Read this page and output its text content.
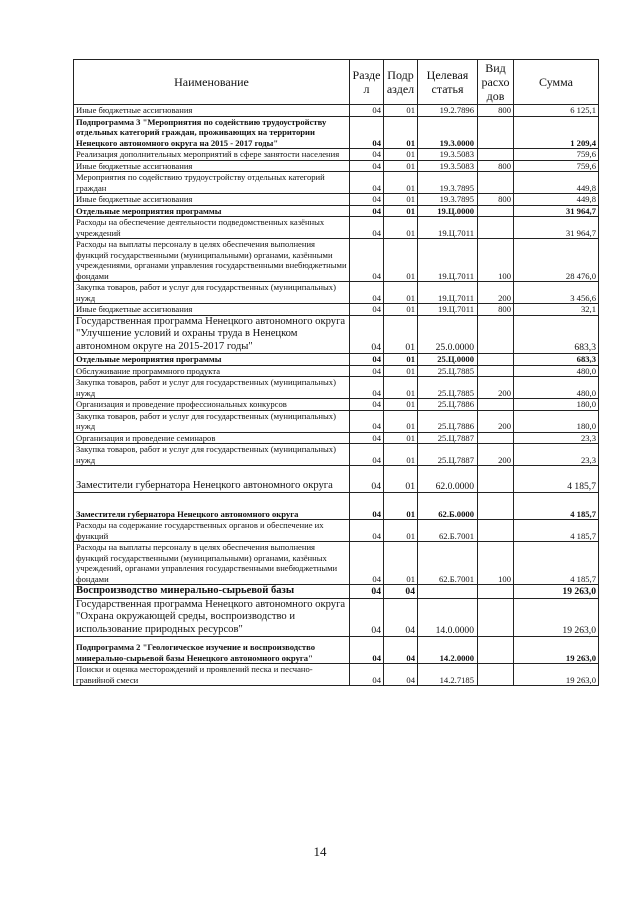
Наименование	Разде л	Подр аздел	Целевая статья	Вид расхо дов	Сумма
Иные бюджетные ассигнования	04	01	19.2.7896	800	6 125,1
Подпрограмма 3 "Мероприятия по содействию трудоустройству отдельных категорий граждан, проживающих на территории Ненецкого автономного округа на 2015 - 2017 годы"	04	01	19.3.0000		1 209,4
Реализация дополнительных мероприятий в сфере занятости населения	04	01	19.3.5083		759,6
Иные бюджетные ассигнования	04	01	19.3.5083	800	759,6
Мероприятия по содействию трудоустройству отдельных категорий граждан	04	01	19.3.7895		449,8
Иные бюджетные ассигнования	04	01	19.3.7895	800	449,8
Отдельные мероприятия программы	04	01	19.Ц.0000		31 964,7
Расходы на обеспечение деятельности подведомственных казённых учреждений	04	01	19.Ц.7011		31 964,7
Расходы на выплаты персоналу в целях обеспечения выполнения функций государственными (муниципальными) органами, казёнными учреждениями, органами управления государственными внебюджетными фондами	04	01	19.Ц.7011	100	28 476,0
Закупка товаров, работ и услуг для государственных (муниципальных) нужд	04	01	19.Ц.7011	200	3 456,6
Иные бюджетные ассигнования	04	01	19.Ц.7011	800	32,1
Государственная программа Ненецкого автономного округа "Улучшение условий и охраны труда в Ненецком автономном округе на 2015-2017 годы"	04	01	25.0.0000		683,3
Отдельные мероприятия программы	04	01	25.Ц.0000		683,3
Обслуживание программного продукта	04	01	25.Ц.7885		480,0
Закупка товаров, работ и услуг для государственных (муниципальных) нужд	04	01	25.Ц.7885	200	480,0
Организация и проведение профессиональных конкурсов	04	01	25.Ц.7886		180,0
Закупка товаров, работ и услуг для государственных (муниципальных) нужд	04	01	25.Ц.7886	200	180,0
Организация и проведение семинаров	04	01	25.Ц.7887		23,3
Закупка товаров, работ и услуг для государственных (муниципальных) нужд	04	01	25.Ц.7887	200	23,3
Заместители губернатора Ненецкого автономного округа	04	01	62.0.0000		4 185,7
Заместители губернатора Ненецкого автономного округа	04	01	62.Б.0000		4 185,7
Расходы на содержание государственных органов и обеспечение их функций	04	01	62.Б.7001		4 185,7
Расходы на выплаты персоналу в целях обеспечения выполнения функций государственными (муниципальными) органами, казённых учреждений, органами управления государственными внебюджетными фондами	04	01	62.Б.7001	100	4 185,7
Воспроизводство минерально-сырьевой базы	04	04			19 263,0
Государственная программа Ненецкого автономного округа "Охрана окружающей среды, воспроизводство и использование природных ресурсов"	04	04	14.0.0000		19 263,0
Подпрограмма 2 "Геологическое изучение и воспроизводство минерально-сырьевой базы Ненецкого автономного округа"	04	04	14.2.0000		19 263,0
Поиски и оценка месторождений и проявлений песка и песчано-гравийной смеси	04	04	14.2.7185		19 263,0
14
